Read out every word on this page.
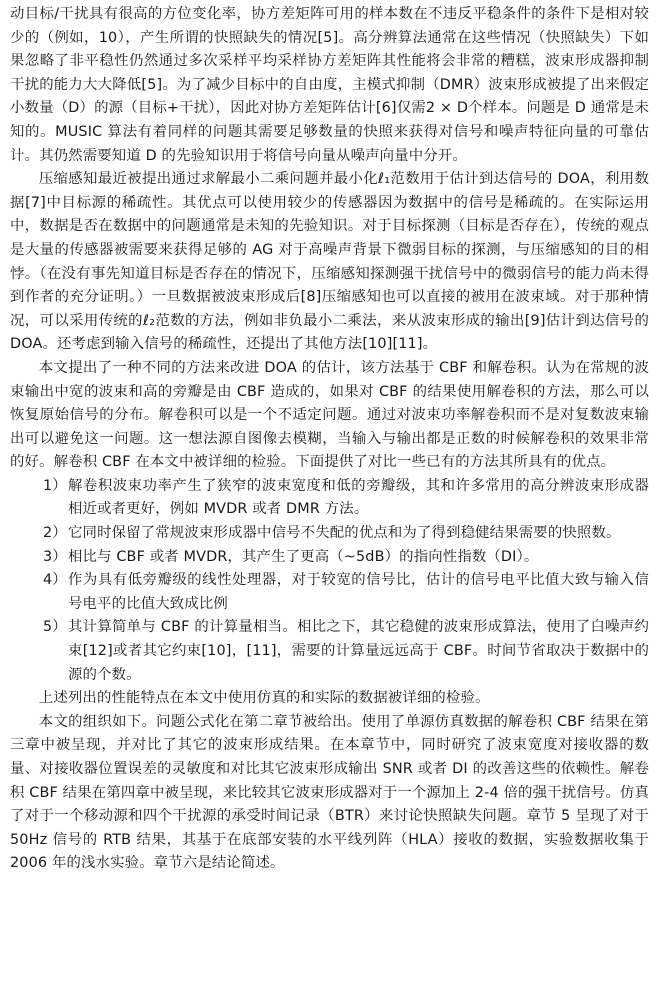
动目标/干扰具有很高的方位变化率，协方差矩阵可用的样本数在不违反平稳条件的条件下是相对较少的（例如，10），产生所谓的快照缺失的情况[5]。高分辨算法通常在这些情况（快照缺失）下如果忽略了非平稳性仍然通过多次采样平均采样协方差矩阵其性能将会非常的糟糕，波束形成器抑制干扰的能力大大降低[5]。为了减少目标中的自由度，主模式抑制（DMR）波束形成被提了出来假定小数量（D）的源（目标+干扰），因此对协方差矩阵估计[6]仅需2 × D个样本。问题是 D 通常是未知的。MUSIC 算法有着同样的问题其需要足够数量的快照来获得对信号和噪声特征向量的可靠估计。其仍然需要知道 D 的先验知识用于将信号向量从噪声向量中分开。

压缩感知最近被提出通过求解最小二乘问题并最小化ℓ₁范数用于估计到达信号的 DOA，利用数据[7]中目标源的稀疏性。其优点可以使用较少的传感器因为数据中的信号是稀疏的。在实际运用中，数据是否在数据中的问题通常是未知的先验知识。对于目标探测（目标是否存在），传统的观点是大量的传感器被需要来获得足够的 AG 对于高噪声背景下微弱目标的探测，与压缩感知的目的相悖。（在没有事先知道目标是否存在的情况下，压缩感知探测强干扰信号中的微弱信号的能力尚未得到作者的充分证明。）一旦数据被波束形成后[8]压缩感知也可以直接的被用在波束域。对于那种情况，可以采用传统的ℓ₂范数的方法，例如非负最小二乘法，来从波束形成的输出[9]估计到达信号的 DOA。还考虑到输入信号的稀疏性，还提出了其他方法[10][11]。

本文提出了一种不同的方法来改进 DOA 的估计，该方法基于 CBF 和解卷积。认为在常规的波束输出中宽的波束和高的旁瓣是由 CBF 造成的，如果对 CBF 的结果使用解卷积的方法，那么可以恢复原始信号的分布。解卷积可以是一个不适定问题。通过对波束功率解卷积而不是对复数波束输出可以避免这一问题。这一想法源自图像去模糊，当输入与输出都是正数的时候解卷积的效果非常的好。解卷积 CBF 在本文中被详细的检验。下面提供了对比一些已有的方法其所具有的优点。

1） 解卷积波束功率产生了狭窄的波束宽度和低的旁瓣级，其和许多常用的高分辨波束形成器相近或者更好，例如 MVDR 或者 DMR 方法。
2） 它同时保留了常规波束形成器中信号不失配的优点和为了得到稳健结果需要的快照数。
3） 相比与 CBF 或者 MVDR，其产生了更高（~5dB）的指向性指数（DI）。
4） 作为具有低旁瓣级的线性处理器，对于较宽的信号比，估计的信号电平比值大致与输入信号电平的比值大致成比例
5） 其计算简单与 CBF 的计算量相当。相比之下，其它稳健的波束形成算法，使用了白噪声约束[12]或者其它约束[10]，[11]，需要的计算量远远高于 CBF。时间节省取决于数据中的源的个数。

上述列出的性能特点在本文中使用仿真的和实际的数据被详细的检验。

本文的组织如下。问题公式化在第二章节被给出。使用了单源仿真数据的解卷积 CBF 结果在第三章中被呈现，并对比了其它的波束形成结果。在本章节中，同时研究了波束宽度对接收器的数量、对接收器位置误差的灵敏度和对比其它波束形成输出 SNR 或者 DI 的改善这些的依赖性。解卷积 CBF 结果在第四章中被呈现，来比较其它波束形成器对于一个源加上 2-4 倍的强干扰信号。仿真了对于一个移动源和四个干扰源的承受时间记录（BTR）来讨论快照缺失问题。章节 5 呈现了对于 50Hz 信号的 RTB 结果，其基于在底部安装的水平线列阵（HLA）接收的数据，实验数据收集于 2006 年的浅水实验。章节六是结论简述。
